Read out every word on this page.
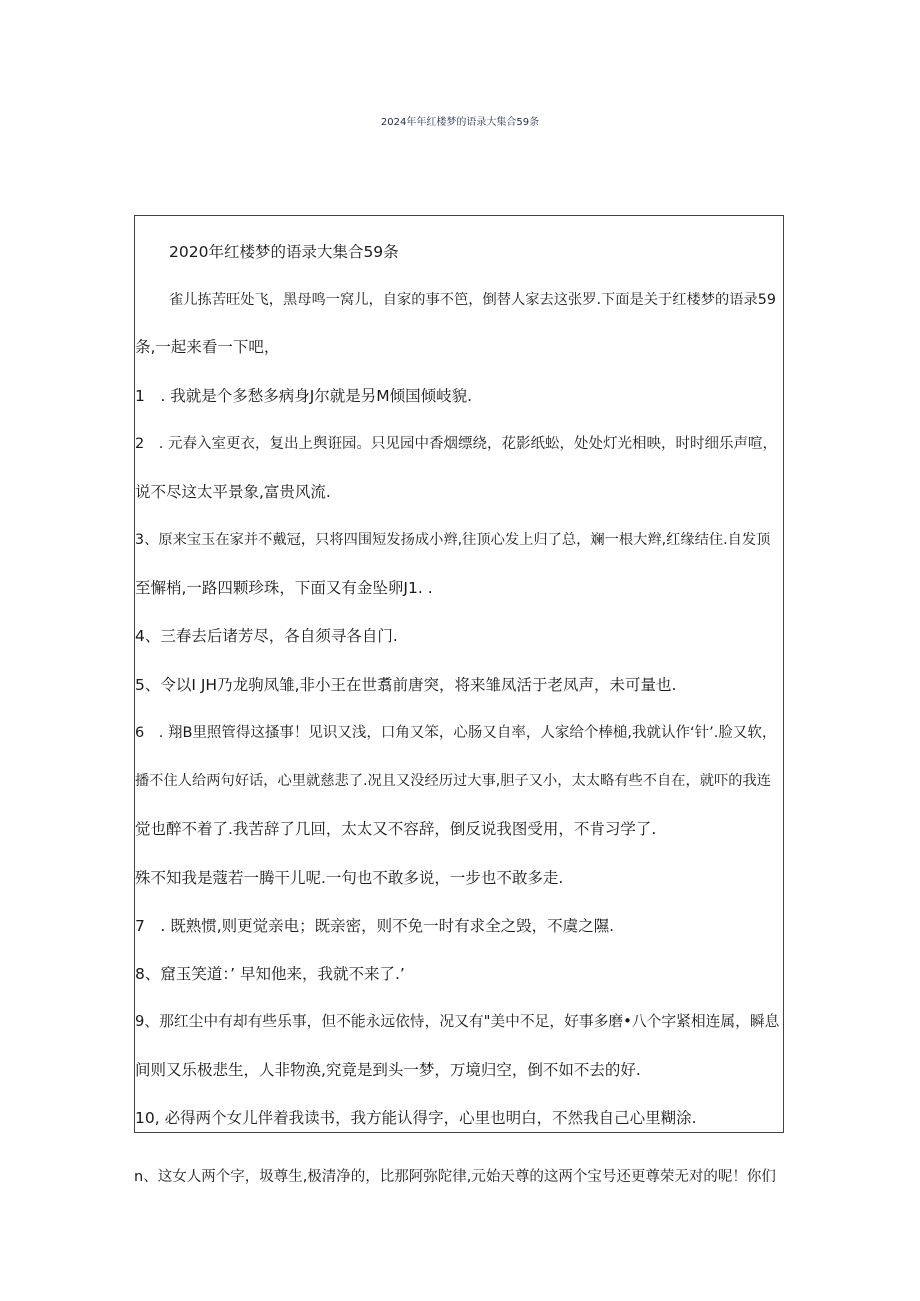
2024年年红楼梦的语录大集合59条
2020年红楼梦的语录大集合59条
雀儿拣苦旺处飞，黑母鸣一窝儿，自家的事不笆，倒替人家去这张罗.下面是关于红楼梦的语录59
条,一起来看一下吧，
1　. 我就是个多愁多病身J尔就是另M倾国倾岐貌.
2　. 元春入室更衣，复出上舆诳园。只见园中香烟缥绕，花影纸蚣，处处灯光相映，时时细乐声喧，
说不尽这太平景象,富贵风流.
3、原来宝玉在家并不戴冠，只将四围短发扬成小辫,往顶心发上归了总，斓一根大辫,红缘结住.自发顶
至懈梢,一路四颗珍珠，下面又有金坠卵J1. .
4、三春去后诸芳尽，各自须寻各自门.
5、令以I JH乃龙驹凤雏,非小王在世翥前唐突，将来雏凤活于老凤声，未可量也.
6　. 翔B里照管得这搔事！见识又浅，口角又笨，心肠又自率，人家给个棒槌,我就认作‘针’.脸又软，
播不住人给两句好话，心里就慈悲了.况且又没经历过大事,胆子又小，太太略有些不自在，就吓的我连
觉也醉不着了.我苦辞了几回，太太又不容辞，倒反说我图受用，不肯习学了.
殊不知我是蔻若一腾干儿呢.一句也不敢多说，一步也不敢多走.
7　. 既熟惯,则更觉亲电；既亲密，则不免一时有求全之毁，不虞之隰.
8、窟玉笑道：’ 早知他来，我就不来了.’
9、那红尘中有却有些乐事，但不能永远依恃，况又有"美中不足，好事多磨•八个字紧相连属，瞬息
间则又乐极悲生，人非物涣,究竟是到头一梦，万境归空，倒不如不去的好.
10, 必得两个女儿伴着我读书，我方能认得字，心里也明白，不然我自己心里糊涂.
n、这女人两个字，圾尊生,极清净的，比那阿弥陀律,元始天尊的这两个宝号还更尊荣无对的呢！你们
